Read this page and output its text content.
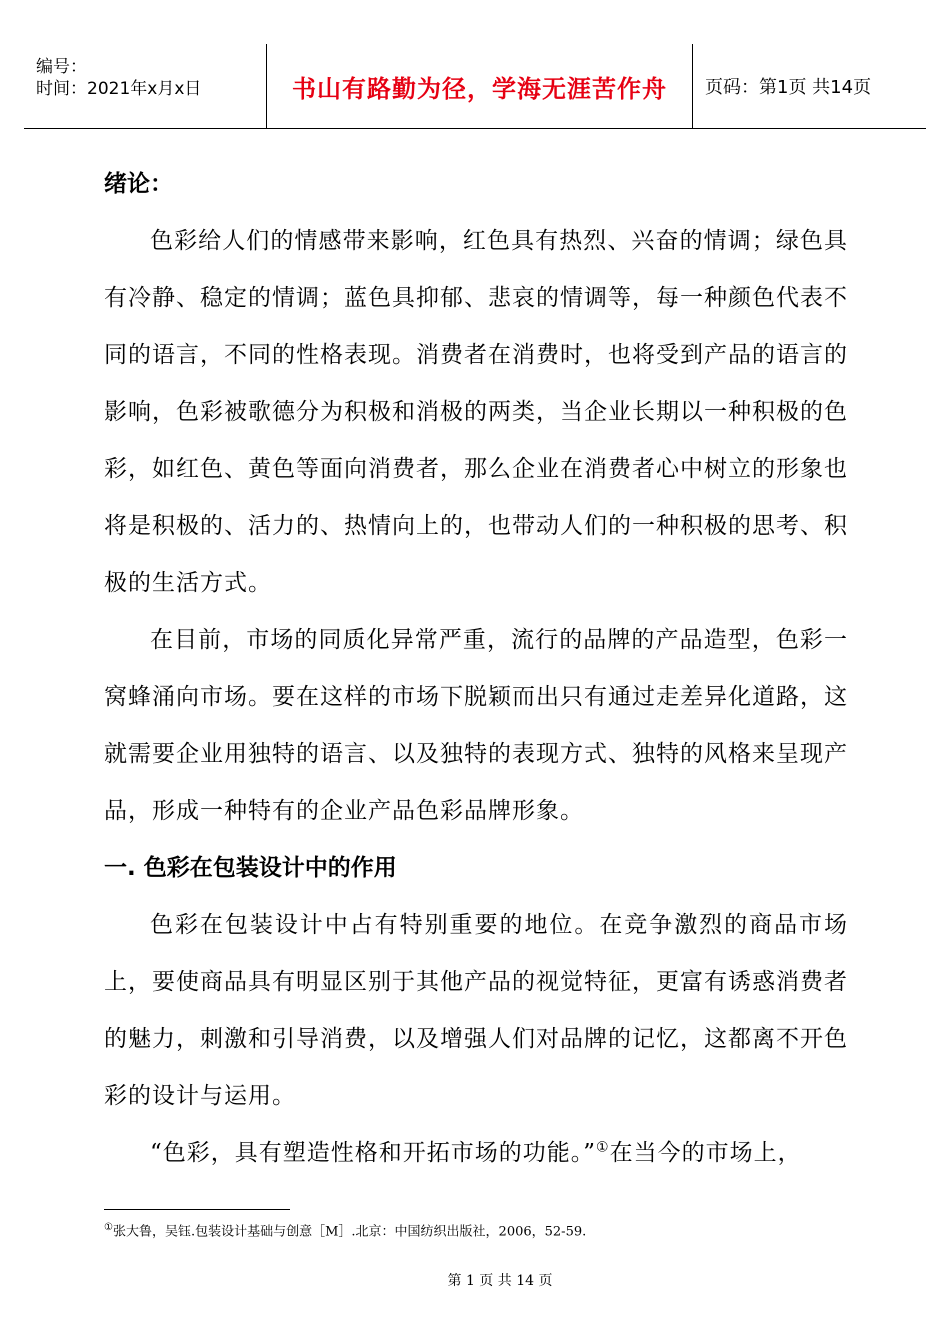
编号：
时间：2021年x月x日	书山有路勤为径，学海无涯苦作舟	页码：第1页 共14页

绪论：

色彩给人们的情感带来影响，红色具有热烈、兴奋的情调；绿色具有冷静、稳定的情调；蓝色具抑郁、悲哀的情调等，每一种颜色代表不同的语言，不同的性格表现。消费者在消费时，也将受到产品的语言的影响，色彩被歌德分为积极和消极的两类，当企业长期以一种积极的色彩，如红色、黄色等面向消费者，那么企业在消费者心中树立的形象也将是积极的、活力的、热情向上的，也带动人们的一种积极的思考、积极的生活方式。

在目前，市场的同质化异常严重，流行的品牌的产品造型，色彩一窝蜂涌向市场。要在这样的市场下脱颖而出只有通过走差异化道路，这就需要企业用独特的语言、以及独特的表现方式、独特的风格来呈现产品，形成一种特有的企业产品色彩品牌形象。

一. 色彩在包装设计中的作用

色彩在包装设计中占有特别重要的地位。在竞争激烈的商品市场上，要使商品具有明显区别于其他产品的视觉特征，更富有诱惑消费者的魅力，刺激和引导消费，以及增强人们对品牌的记忆，这都离不开色彩的设计与运用。

“色彩，具有塑造性格和开拓市场的功能。”①在当今的市场上，

①张大鲁，吴钰.包装设计基础与创意［M］.北京：中国纺织出版社，2006，52-59.
第 1 页 共 14 页
